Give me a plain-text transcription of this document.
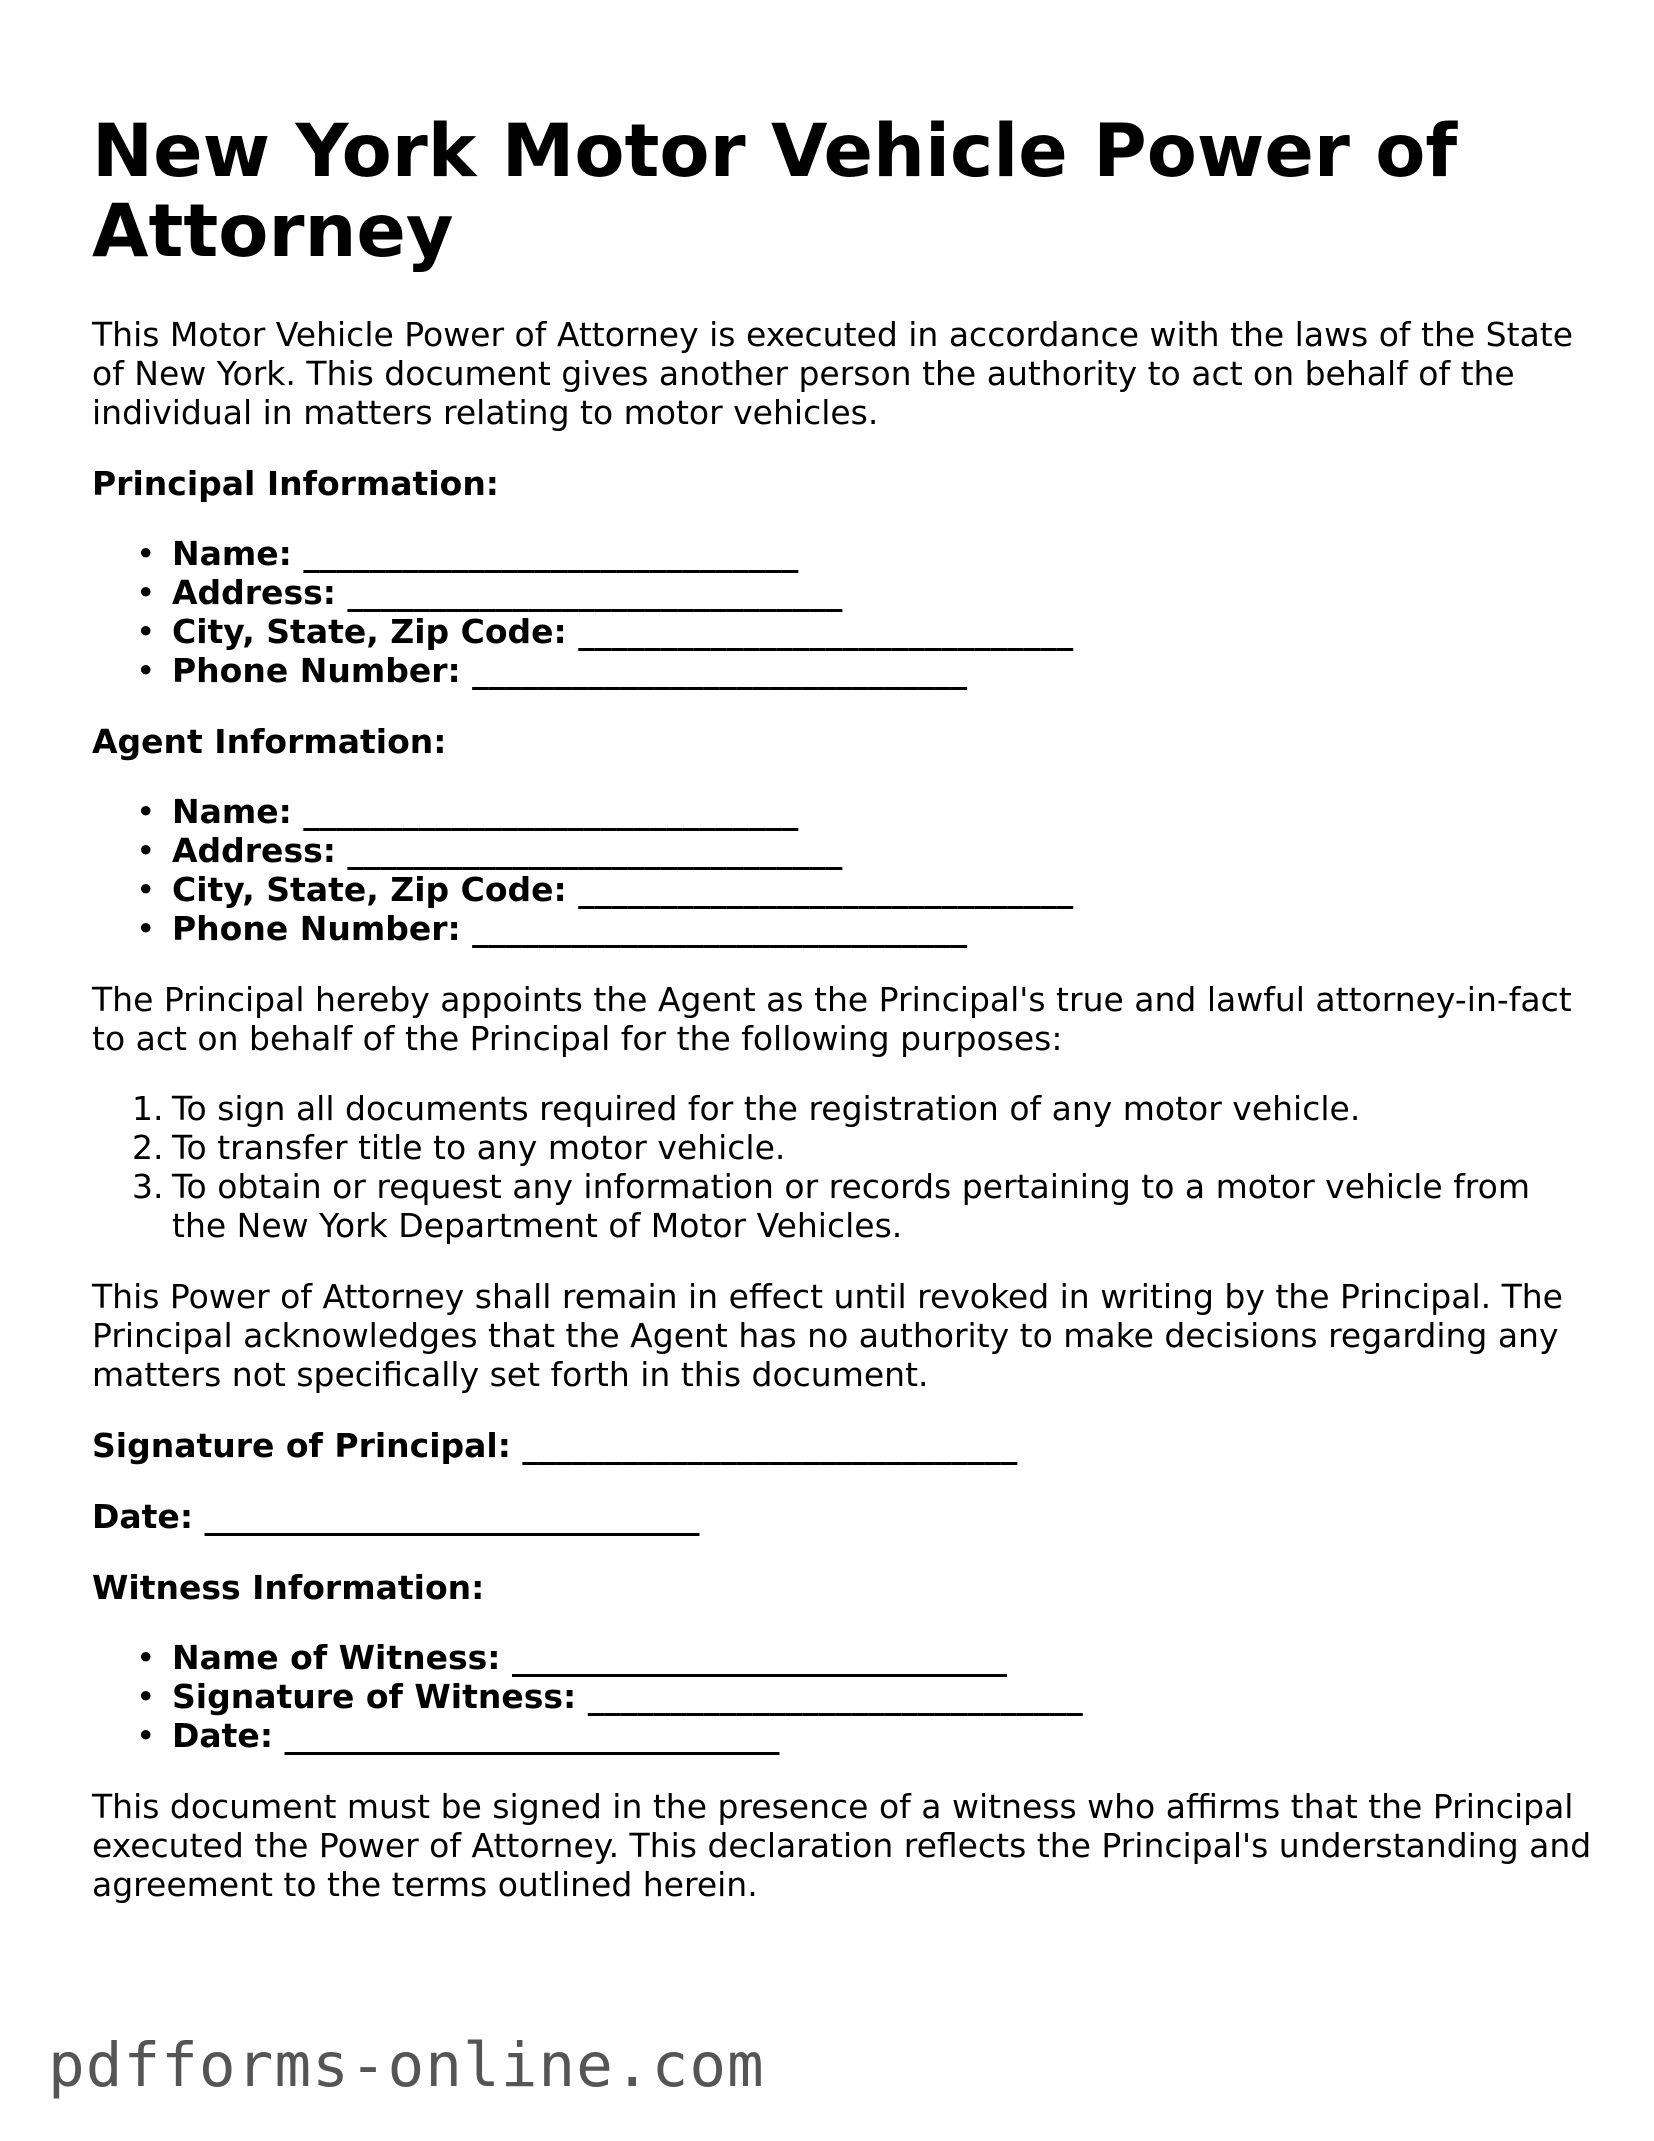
New York Motor Vehicle Power of Attorney

This Motor Vehicle Power of Attorney is executed in accordance with the laws of the State of New York. This document gives another person the authority to act on behalf of the individual in matters relating to motor vehicles.

Principal Information:

• Name: ______________________________
• Address: ______________________________
• City, State, Zip Code: ______________________________
• Phone Number: ______________________________

Agent Information:

• Name: ______________________________
• Address: ______________________________
• City, State, Zip Code: ______________________________
• Phone Number: ______________________________

The Principal hereby appoints the Agent as the Principal's true and lawful attorney-in-fact to act on behalf of the Principal for the following purposes:

1. To sign all documents required for the registration of any motor vehicle.
2. To transfer title to any motor vehicle.
3. To obtain or request any information or records pertaining to a motor vehicle from the New York Department of Motor Vehicles.

This Power of Attorney shall remain in effect until revoked in writing by the Principal. The Principal acknowledges that the Agent has no authority to make decisions regarding any matters not specifically set forth in this document.

Signature of Principal: ______________________________

Date: ______________________________

Witness Information:

• Name of Witness: ______________________________
• Signature of Witness: ______________________________
• Date: ______________________________

This document must be signed in the presence of a witness who affirms that the Principal executed the Power of Attorney. This declaration reflects the Principal's understanding and agreement to the terms outlined herein.

pdfforms-online.com
